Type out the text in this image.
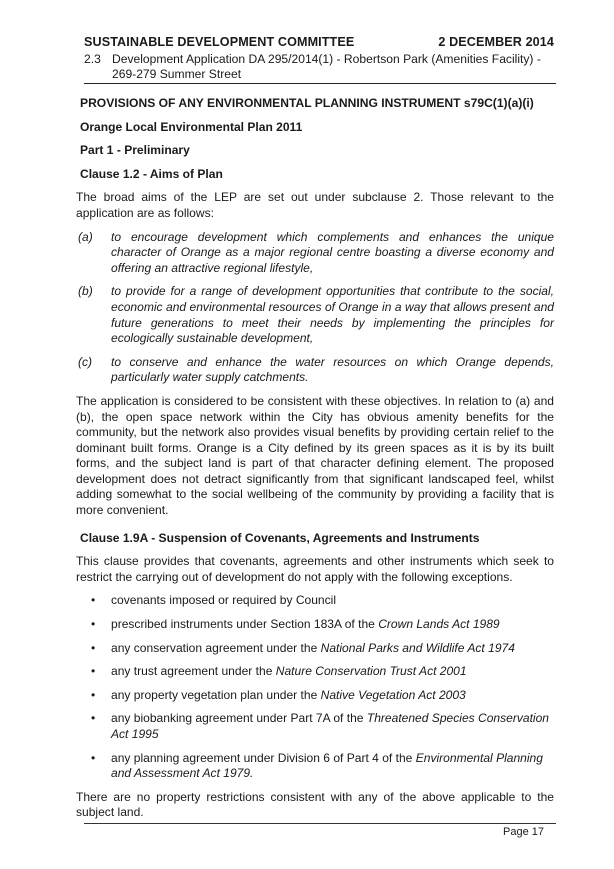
SUSTAINABLE DEVELOPMENT COMMITTEE	2 DECEMBER 2014
2.3 Development Application DA 295/2014(1) - Robertson Park (Amenities Facility) - 269-279 Summer Street
PROVISIONS OF ANY ENVIRONMENTAL PLANNING INSTRUMENT s79C(1)(a)(i)
Orange Local Environmental Plan 2011
Part 1 - Preliminary
Clause 1.2 - Aims of Plan

The broad aims of the LEP are set out under subclause 2. Those relevant to the application are as follows:

(a) to encourage development which complements and enhances the unique character of Orange as a major regional centre boasting a diverse economy and offering an attractive regional lifestyle,
(b) to provide for a range of development opportunities that contribute to the social, economic and environmental resources of Orange in a way that allows present and future generations to meet their needs by implementing the principles for ecologically sustainable development,
(c) to conserve and enhance the water resources on which Orange depends, particularly water supply catchments.

The application is considered to be consistent with these objectives. In relation to (a) and (b), the open space network within the City has obvious amenity benefits for the community, but the network also provides visual benefits by providing certain relief to the dominant built forms. Orange is a City defined by its green spaces as it is by its built forms, and the subject land is part of that character defining element. The proposed development does not detract significantly from that significant landscaped feel, whilst adding somewhat to the social wellbeing of the community by providing a facility that is more convenient.

Clause 1.9A - Suspension of Covenants, Agreements and Instruments

This clause provides that covenants, agreements and other instruments which seek to restrict the carrying out of development do not apply with the following exceptions.

• covenants imposed or required by Council
• prescribed instruments under Section 183A of the Crown Lands Act 1989
• any conservation agreement under the National Parks and Wildlife Act 1974
• any trust agreement under the Nature Conservation Trust Act 2001
• any property vegetation plan under the Native Vegetation Act 2003
• any biobanking agreement under Part 7A of the Threatened Species Conservation Act 1995
• any planning agreement under Division 6 of Part 4 of the Environmental Planning and Assessment Act 1979.

There are no property restrictions consistent with any of the above applicable to the subject land.

Page 17
